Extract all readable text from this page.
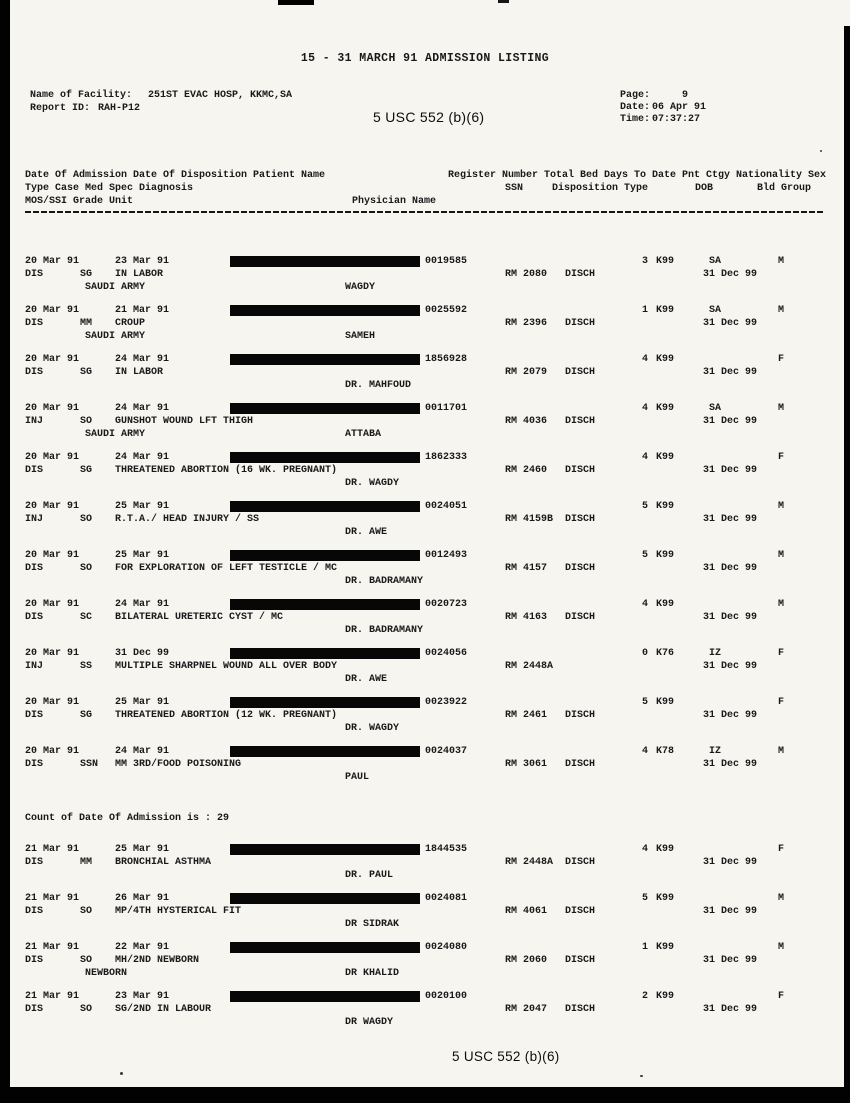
15 - 31 MARCH 91 ADMISSION LISTING
Name of Facility: 251ST EVAC HOSP, KKMC,SA
Report ID: RAH-P12
5 USC 552 (b)(6)
Page:	9
Date: 06 Apr 91
Time: 07:37:27
Date Of Admission Date Of Disposition Patient Name	Register Number Total Bed Days To Date Pnt Ctgy Nationality Sex
Type Case Med Spec Diagnosis	SSN	Disposition Type	DOB	Bld Group
MOS/SSI Grade Unit	Physician Name
20 Mar 91	23 Mar 91	0019585	3 K99	SA	M
DIS	SG IN LABOR	RM 2080 DISCH	31 Dec 99
SAUDI ARMY	WAGDY
20 Mar 91	21 Mar 91	0025592	1 K99	SA	M
DIS	MM CROUP	RM 2396 DISCH	31 Dec 99
SAUDI ARMY	SAMEH
20 Mar 91	24 Mar 91	1856928	4 K99	F
DIS	SG IN LABOR	RM 2079 DISCH	31 Dec 99
DR. MAHFOUD
20 Mar 91	24 Mar 91	0011701	4 K99	SA	M
INJ	SO GUNSHOT WOUND LFT THIGH	RM 4036 DISCH	31 Dec 99
SAUDI ARMY	ATTABA
20 Mar 91	24 Mar 91	1862333	4 K99	F
DIS	SG THREATENED ABORTION (16 WK. PREGNANT)	RM 2460 DISCH	31 Dec 99
DR. WAGDY
20 Mar 91	25 Mar 91	0024051	5 K99	M
INJ	SO R.T.A./ HEAD INJURY / SS	RM 4159B DISCH	31 Dec 99
DR. AWE
20 Mar 91	25 Mar 91	0012493	5 K99	M
DIS	SO FOR EXPLORATION OF LEFT TESTICLE / MC	RM 4157 DISCH	31 Dec 99
DR. BADRAMANY
20 Mar 91	24 Mar 91	0020723	4 K99	M
DIS	SC BILATERAL URETERIC CYST / MC	RM 4163 DISCH	31 Dec 99
DR. BADRAMANY
20 Mar 91	31 Dec 99	0024056	0 K76	IZ	F
INJ	SS MULTIPLE SHARPNEL WOUND ALL OVER BODY	RM 2448A	31 Dec 99
DR. AWE
20 Mar 91	25 Mar 91	0023922	5 K99	F
DIS	SG THREATENED ABORTION (12 WK. PREGNANT)	RM 2461 DISCH	31 Dec 99
DR. WAGDY
20 Mar 91	24 Mar 91	0024037	4 K78	IZ	M
DIS	SSN MM 3RD/FOOD POISONING	RM 3061 DISCH	31 Dec 99
PAUL
Count of Date Of Admission is : 29
21 Mar 91	25 Mar 91	1844535	4 K99	F
DIS	MM BRONCHIAL ASTHMA	RM 2448A DISCH	31 Dec 99
DR. PAUL
21 Mar 91	26 Mar 91	0024081	5 K99	M
DIS	SO MP/4TH HYSTERICAL FIT	RM 4061 DISCH	31 Dec 99
DR SIDRAK
21 Mar 91	22 Mar 91	0024080	1 K99	M
DIS	SO MH/2ND NEWBORN	RM 2060 DISCH	31 Dec 99
NEWBORN	DR KHALID
21 Mar 91	23 Mar 91	0020100	2 K99	F
DIS	SO SG/2ND IN LABOUR	RM 2047 DISCH	31 Dec 99
DR WAGDY
5 USC 552 (b)(6)
